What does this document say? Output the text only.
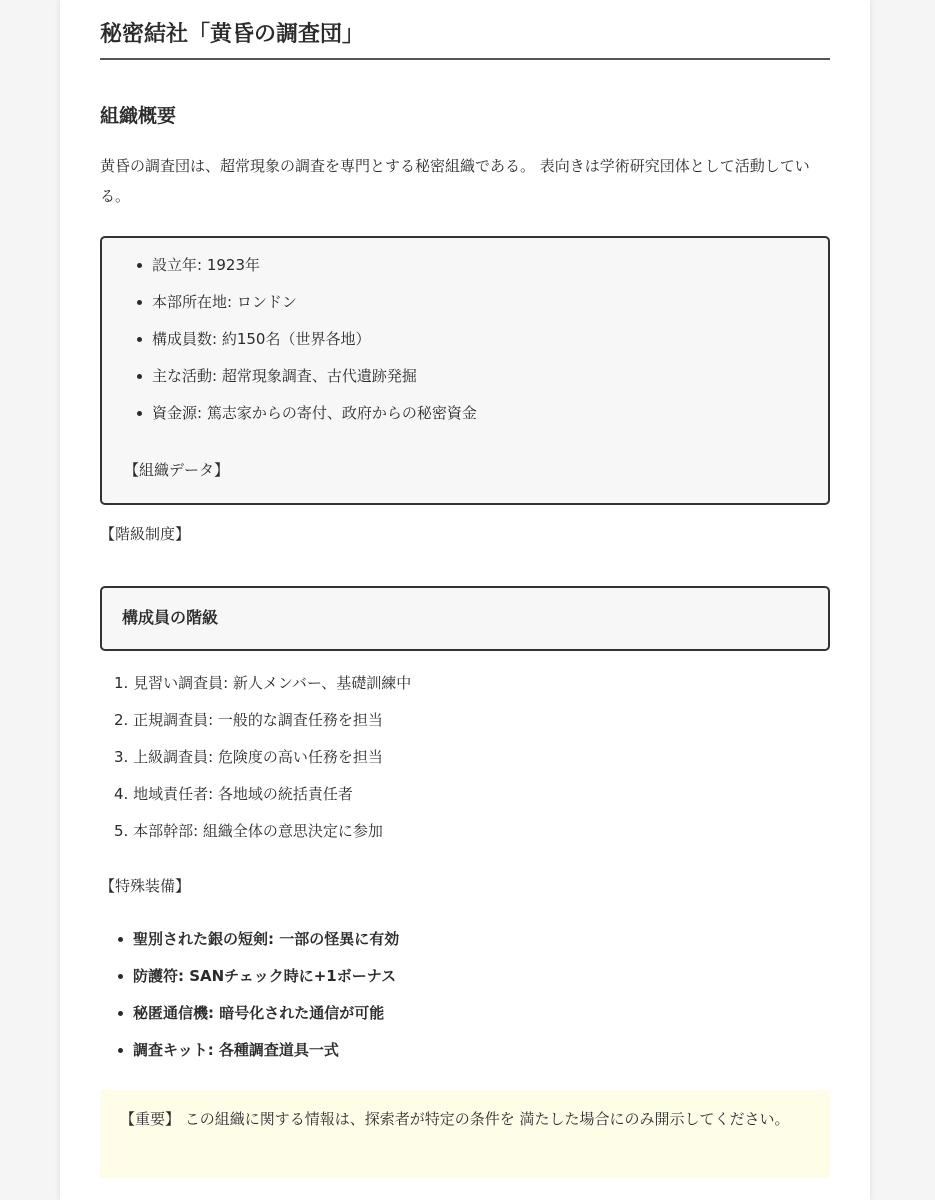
秘密結社「黄昏の調査団」
組織概要

黄昏の調査団は、超常現象の調査を専門とする秘密組織である。 表向きは学術研究団体として活動している。

設立年: 1923年
本部所在地: ロンドン
構成員数: 約150名（世界各地）
主な活動: 超常現象調査、古代遺跡発掘
資金源: 篤志家からの寄付、政府からの秘密資金
【組織データ】
【階級制度】
構成員の階級
1. 見習い調査員: 新人メンバー、基礎訓練中
2. 正規調査員: 一般的な調査任務を担当
3. 上級調査員: 危険度の高い任務を担当
4. 地域責任者: 各地域の統括責任者
5. 本部幹部: 組織全体の意思決定に参加
【特殊装備】
聖別された銀の短剣: 一部の怪異に有効
防護符: SANチェック時に+1ボーナス
秘匿通信機: 暗号化された通信が可能
調査キット: 各種調査道具一式

【重要】 この組織に関する情報は、探索者が特定の条件を 満たした場合にのみ開示してください。
